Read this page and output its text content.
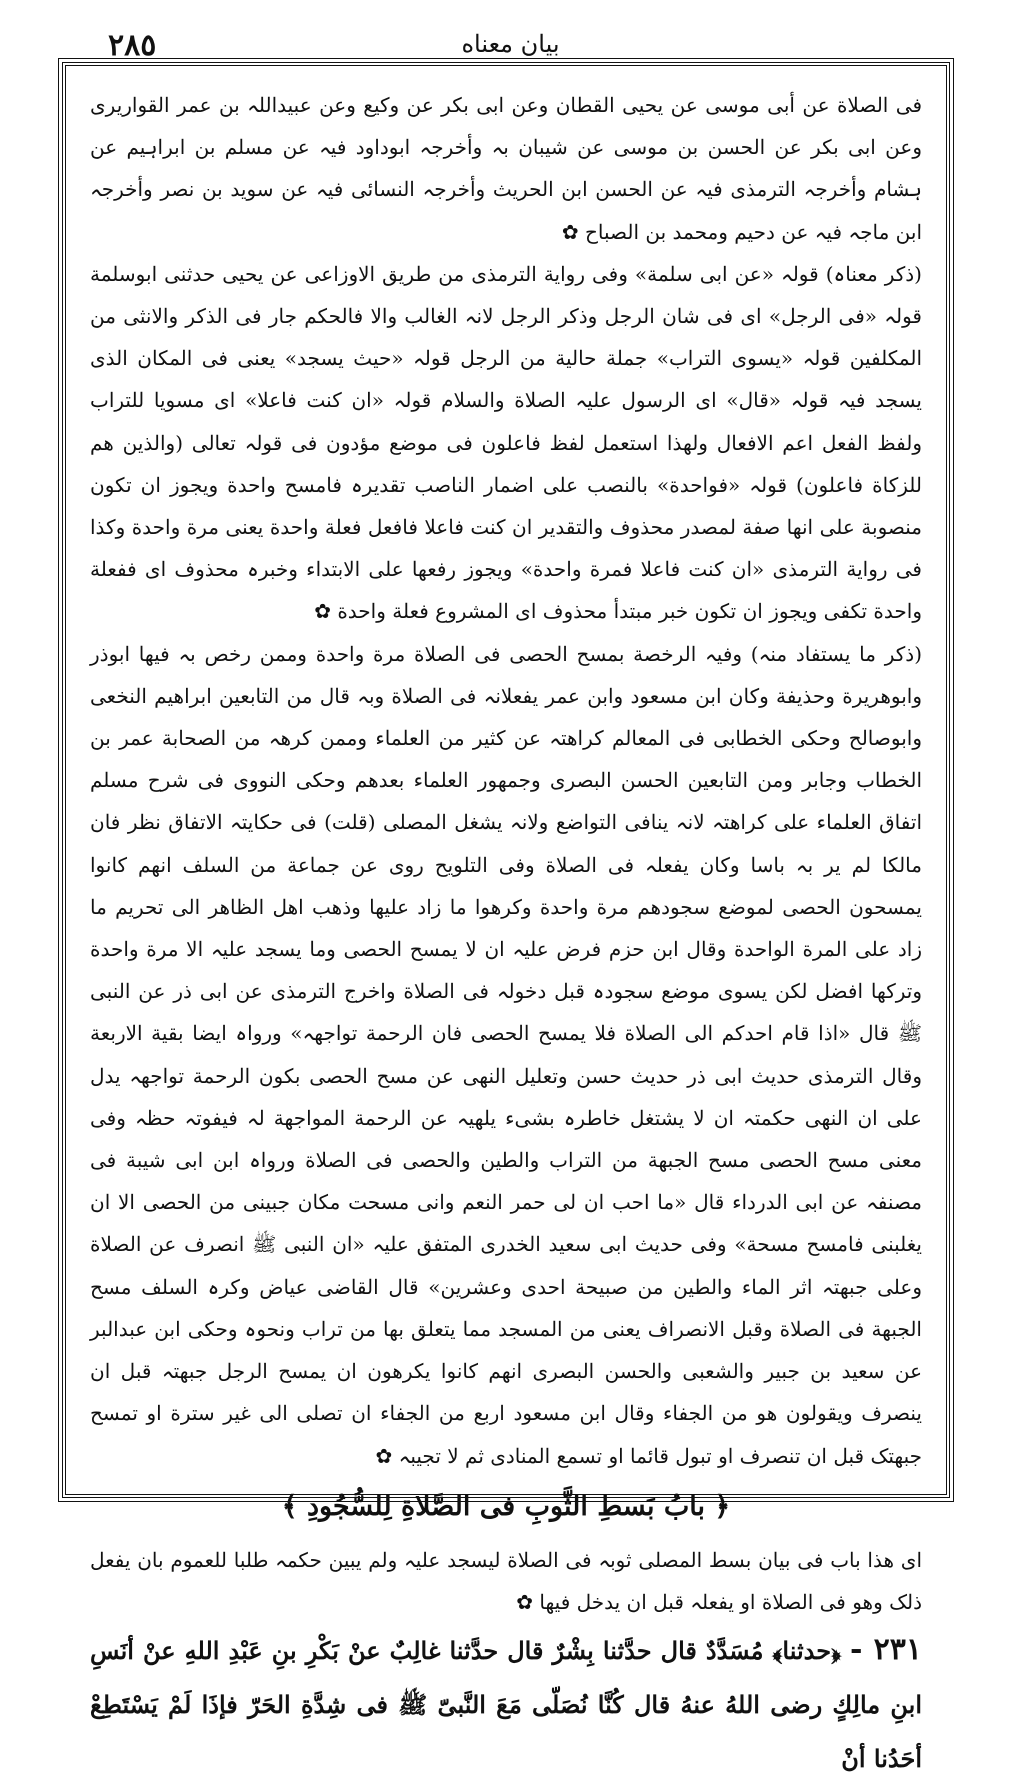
٢٨٥	بیان معناه

فی الصلاة عن أبی موسی عن یحیی القطان وعن ابی بکر عن وکیع وعن عبیداللہ بن عمر القواریری وعن ابی بکر عن الحسن بن موسی عن شیبان بہ وأخرجہ ابوداود فیہ عن مسلم بن ابراہیم عن ہشام وأخرجہ الترمذی فیہ عن الحسن ابن الحریث وأخرجہ النسائی فیہ عن سوید بن نصر وأخرجہ ابن ماجہ فیہ عن دحیم ومحمد بن الصباح ✿

(ذکر معناہ) قولہ «عن ابی سلمة» وفی روایة الترمذی من طریق الاوزاعی عن یحیی حدثنی ابوسلمة قولہ «فی الرجل» ای فی شان الرجل وذکر الرجل لانہ الغالب والا فالحکم جار فی الذکر والانثی من المکلفین قولہ «یسوی التراب» جملة حالیة من الرجل قولہ «حیث یسجد» یعنی فی المکان الذی یسجد فیہ قولہ «قال» ای الرسول علیہ الصلاة والسلام قولہ «ان کنت فاعلا» ای مسویا للتراب ولفظ الفعل اعم الافعال ولھذا استعمل لفظ فاعلون فی موضع مؤدون فی قولہ تعالی (والذین ھم للزکاة فاعلون) قولہ «فواحدة» بالنصب علی اضمار الناصب تقدیرہ فامسح واحدة ویجوز ان تکون منصوبة علی انھا صفة لمصدر محذوف والتقدیر ان کنت فاعلا فافعل فعلة واحدة یعنی مرة واحدة وکذا فی روایة الترمذی «ان کنت فاعلا فمرة واحدة» ویجوز رفعھا علی الابتداء وخبرہ محذوف ای ففعلة واحدة تکفی ویجوز ان تکون خبر مبتدأ محذوف ای المشروع فعلة واحدة ✿

(ذکر ما یستفاد منہ) وفیہ الرخصة بمسح الحصی فی الصلاة مرة واحدة وممن رخص بہ فیھا ابوذر وابوھریرة وحذیفة وکان ابن مسعود وابن عمر یفعلانہ فی الصلاة وبہ قال من التابعین ابراھیم النخعی وابوصالح وحکی الخطابی فی المعالم کراھتہ عن کثیر من العلماء وممن کرھہ من الصحابة عمر بن الخطاب وجابر ومن التابعین الحسن البصری وجمھور العلماء بعدھم وحکی النووی فی شرح مسلم اتفاق العلماء علی کراھتہ لانہ ینافی التواضع ولانہ یشغل المصلی (قلت) فی حکایتہ الاتفاق نظر فان مالکا لم یر بہ باسا وکان یفعلہ فی الصلاة وفی التلویح روی عن جماعة من السلف انھم کانوا یمسحون الحصی لموضع سجودھم مرة واحدة وکرھوا ما زاد علیھا وذھب اھل الظاھر الی تحریم ما زاد علی المرة الواحدة وقال ابن حزم فرض علیہ ان لا یمسح الحصی وما یسجد علیہ الا مرة واحدة وترکھا افضل لکن یسوی موضع سجودہ قبل دخولہ فی الصلاة واخرج الترمذی عن ابی ذر عن النبی ﷺ قال «اذا قام احدکم الی الصلاة فلا یمسح الحصی فان الرحمة تواجھہ» ورواہ ایضا بقیة الاربعة وقال الترمذی حدیث ابی ذر حدیث حسن وتعلیل النھی عن مسح الحصی بکون الرحمة تواجھہ یدل علی ان النھی حکمتہ ان لا یشتغل خاطرہ بشیء یلھیہ عن الرحمة المواجھة لہ فیفوتہ حظہ وفی معنی مسح الحصی مسح الجبھة من التراب والطین والحصی فی الصلاة ورواہ ابن ابی شیبة فی مصنفہ عن ابی الدرداء قال «ما احب ان لی حمر النعم وانی مسحت مکان جبینی من الحصی الا ان یغلبنی فامسح مسحة» وفی حدیث ابی سعید الخدری المتفق علیہ «ان النبی ﷺ انصرف عن الصلاة وعلی جبھتہ اثر الماء والطین من صبیحة احدی وعشرین» قال القاضی عیاض وکرہ السلف مسح الجبھة فی الصلاة وقبل الانصراف یعنی من المسجد مما یتعلق بھا من تراب ونحوہ وحکی ابن عبدالبر عن سعید بن جبیر والشعبی والحسن البصری انھم کانوا یکرھون ان یمسح الرجل جبھتہ قبل ان ینصرف ویقولون ھو من الجفاء وقال ابن مسعود اربع من الجفاء ان تصلی الی غیر سترة او تمسح جبھتک قبل ان تنصرف او تبول قائما او تسمع المنادی ثم لا تجیبہ ✿

﴿ بابُ بَسطِ الثَّوبِ فی الصَّلاةِ لِلسُّجُودِ ﴾

ای ھذا باب فی بیان بسط المصلی ثوبہ فی الصلاة لیسجد علیہ ولم یبین حکمہ طلبا للعموم بان یفعل ذلک وھو فی الصلاة او یفعلہ قبل ان یدخل فیھا ✿

٢٣١ - ﴿حدثنا﴾ مُسَدَّدٌ قال حدَّثنا بِشْرٌ قال حدَّثنا غالِبٌ عنْ بَکْرِ بنِ عَبْدِ اللهِ عنْ أنَسِ ابنِ مالِكٍ رضی اللهُ عنهُ قال کُنَّا نُصَلّی مَعَ النَّبیّ ﷺ فی شِدَّةِ الحَرّ فإذَا لَمْ یَسْتَطِعْ أحَدُنا أنْ
